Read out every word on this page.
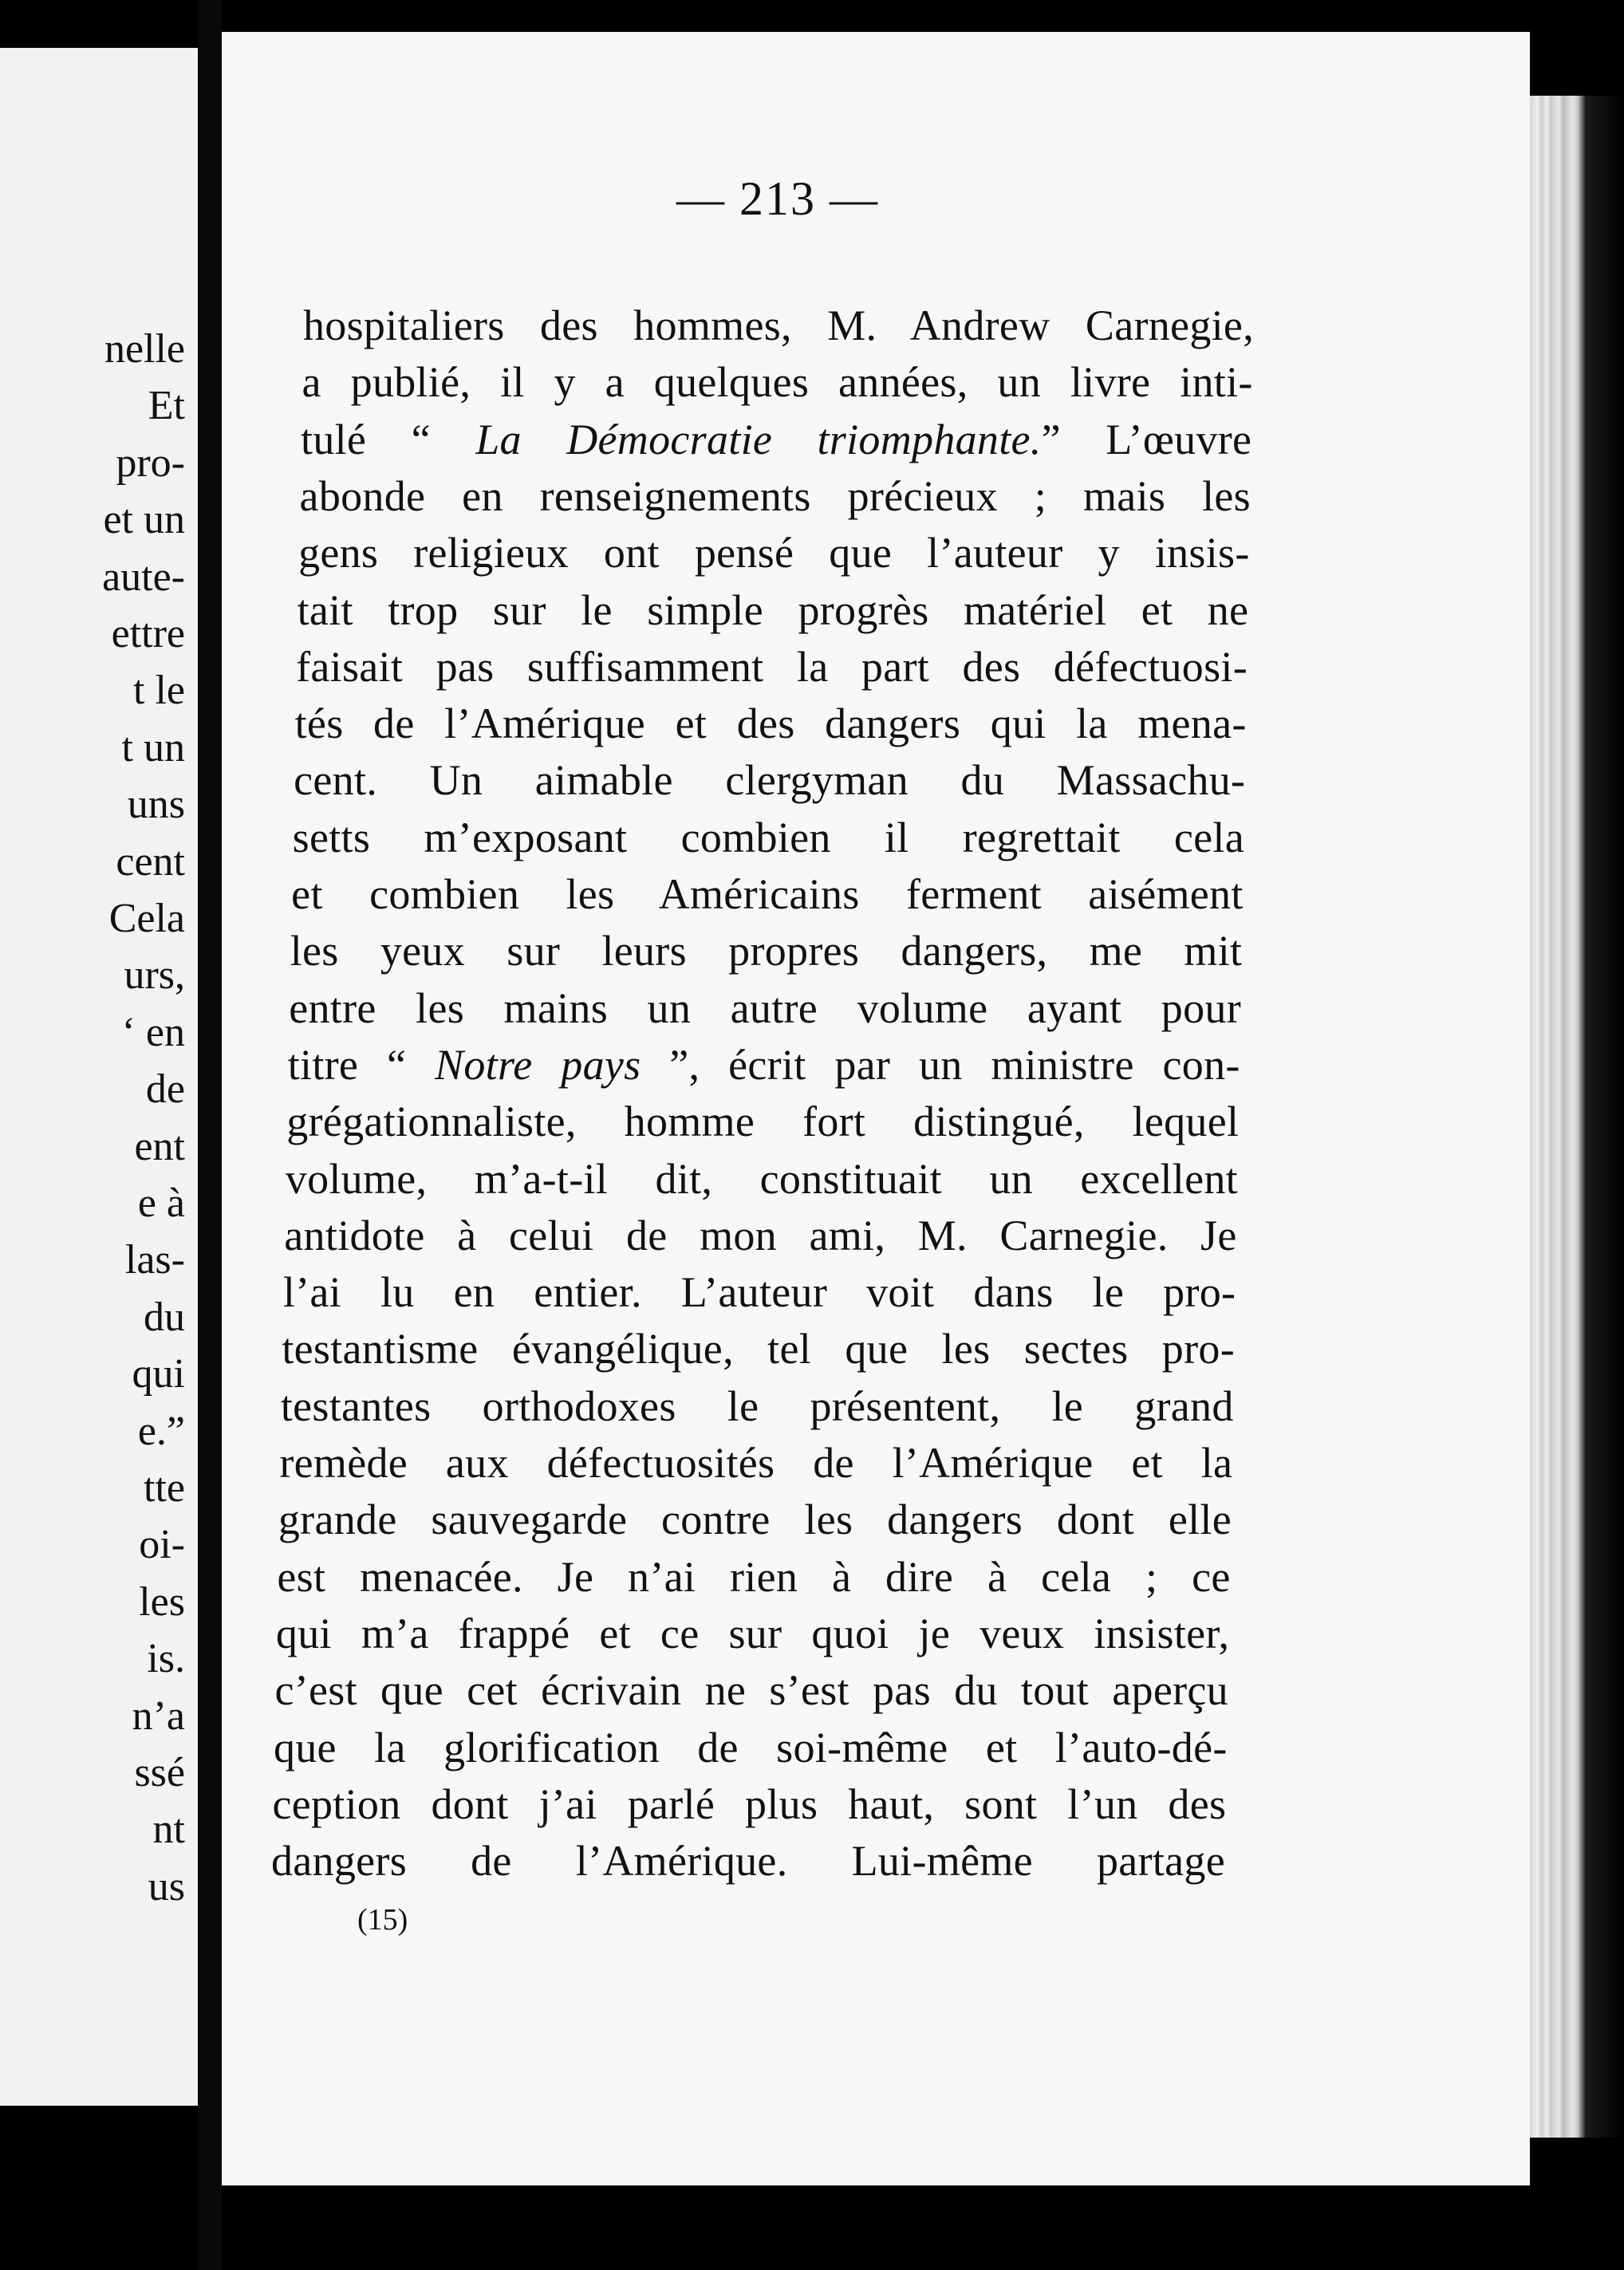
nelle
Et
pro-
et un
aute-
ettre
t le
t un
uns
cent
Cela
urs,
‘ en
de
ent
e à
las-
du
qui
e.”
tte
oi-
les
is.
n’a
ssé
nt
us
— 213 —
hospitaliers des hommes, M. Andrew Carnegie,
a publié, il y a quelques années, un livre inti-
tulé “ La Démocratie triomphante.” L’œuvre
abonde en renseignements précieux ; mais les
gens religieux ont pensé que l’auteur y insis-
tait trop sur le simple progrès matériel et ne
faisait pas suffisamment la part des défectuosi-
tés de l’Amérique et des dangers qui la mena-
cent. Un aimable clergyman du Massachu-
setts m’exposant combien il regrettait cela
et combien les Américains ferment aisément
les yeux sur leurs propres dangers, me mit
entre les mains un autre volume ayant pour
titre “ Notre pays ”, écrit par un ministre con-
grégationnaliste, homme fort distingué, lequel
volume, m’a-t-il dit, constituait un excellent
antidote à celui de mon ami, M. Carnegie. Je
l’ai lu en entier. L’auteur voit dans le pro-
testantisme évangélique, tel que les sectes pro-
testantes orthodoxes le présentent, le grand
remède aux défectuosités de l’Amérique et la
grande sauvegarde contre les dangers dont elle
est menacée. Je n’ai rien à dire à cela ; ce
qui m’a frappé et ce sur quoi je veux insister,
c’est que cet écrivain ne s’est pas du tout aperçu
que la glorification de soi-même et l’auto-dé-
ception dont j’ai parlé plus haut, sont l’un des
dangers de l’Amérique. Lui-même partage
(15)
